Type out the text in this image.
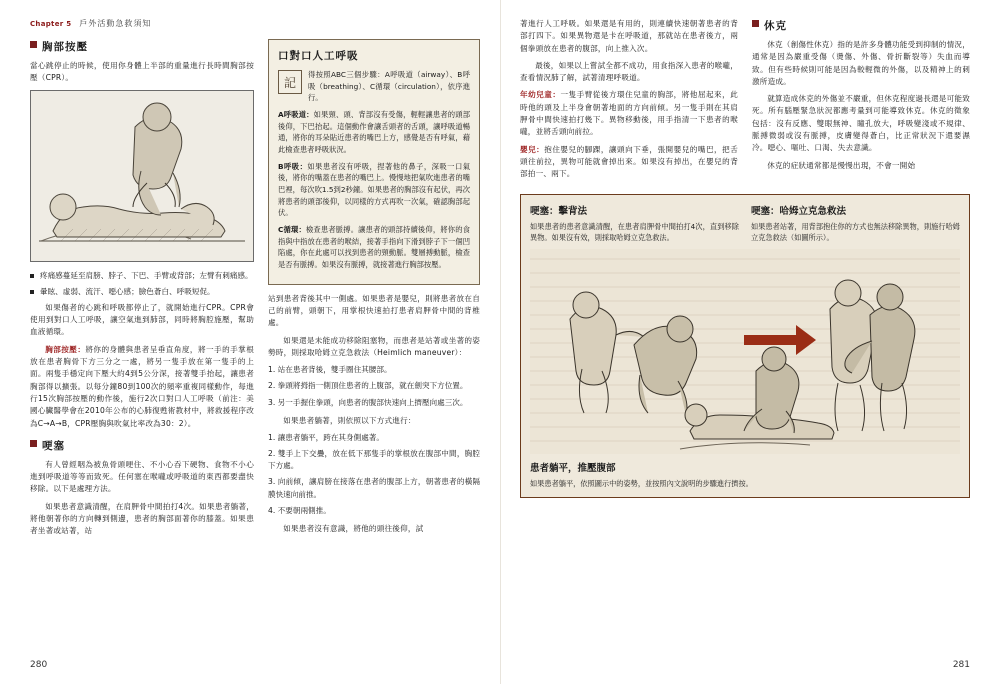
Chapter 5 戶外活動急救須知
胸部按壓

當心跳停止的時候，使用你身體上半部的重量進行長時間胸部按壓（CPR）。

疼痛感蔓延至肩膀、脖子、下巴、手臂或背部；左臂有刺痛感。

暈眩、虛弱、流汗、噁心感；臉色蒼白、呼吸短促。

如果傷者的心跳和呼吸都停止了，就開始進行CPR。CPR會使用到對口人工呼吸，讓空氣進到肺部，同時將胸腔施壓，幫助血液循環。

胸部按壓：將你的身體與患者呈垂直角度，將一手的手掌根放在患者胸骨下方三分之一處，將另一隻手放在第一隻手的上面。兩隻手穩定向下壓大約4到5公分深，接著雙手抬起，讓患者胸部得以擴張。以每分鐘80到100次的頻率重複同樣動作，每進行15次胸部按壓的動作後，施行2次口對口人工呼吸（前注：美國心臟醫學會在2010年公布的心肺復甦術教材中，將救援程序改為C→A→B，CPR壓胸與吹氣比率改為30：2）。

哽塞

有人曾經咽為被魚骨頭哽住、不小心吞下硬物、食物不小心進到呼吸道等等而致死。任何塞在喉嚨或呼吸道的東西都要盡快移除。以下是處理方法。

如果患者意識清醒，在肩胛骨中間拍打4次。如果患者躺著，將他朝著你的方向轉到側邊，患者的胸部面著你的膝蓋。如果患者坐著或站著，站

口對口人工呼吸
記

得按照ABC三個步驟：A呼吸道（airway）、B呼吸（breathing）、C循環（circulation），依序進行。

A呼吸道：如果頸、頭、背部沒有受傷，輕輕讓患者的頭部後仰，下巴抬起。這個動作會讓舌頭者的舌頭，讓呼吸道暢通，將你的耳朵貼近患者的嘴巴上方，感覺是否有呼氣，藉此檢查患者呼吸狀況。

B呼吸：如果患者沒有呼吸，捏著他的鼻子，深吸一口氣後，將你的嘴蓋在患者的嘴巴上。慢慢地把氣吹進患者的嘴巴裡，每次吹1.5到2秒鐘。如果患者的胸部沒有起伏，再次將患者的頭部後仰，以同樣的方式再吹一次氣，確認胸部起伏。

C循環：檢查患者脈搏。讓患者的頭部持續後仰，將你的食指與中指放在患者的喉結，接著手指向下滑到脖子下一個凹陷處，你在此處可以找到患者的頸動脈。雙層搏動脈，檢查是否有脈搏。如果沒有脈搏，就接著進行胸部按壓。

站到患者背後其中一側處。如果患者是嬰兒，則將患者放在自己的前臂，頭朝下，用掌根快速拍打患者肩胛骨中間的背椎處。

如果還是未能成功移除阻塞物，而患者是站著或坐著的姿勢時，則採取哈姆立克急救法（Heimlich maneuver）：

1. 站在患者背後，雙手圈住其腰部。

2. 拳頭將拇指一側頂住患者的上腹部，就在劍突下方位置。

3. 另一手握住拳頭，向患者的腹部快速向上擠壓向處三次。

如果患者躺著，則依照以下方式進行：

1. 讓患者躺平，跨在其身側處著。

2. 雙手上下交疊，放在低下那隻手的掌根放在腹部中間，胸腔下方處。

3. 向前傾，讓肩膀在接落在患者的腹部上方，朝著患者的橫隔膜快速向前推。

4. 不要朝兩側推。

如果患者沒有意識，將他的頭往後仰，試

280

著進行人工呼吸。如果還是有用的，則連續快速朝著患者的背部打四下。如果異物還是卡在呼吸道，那就站在患者後方，兩個拳頭放在患者的腹部，向上推入次。

最後，如果以上嘗試全都不成功，用食指深入患者的喉嚨，查看情況肺了解，試著清理呼吸道。

年幼兒童：一隻手臂從後方環住兒童的胸部，將他屈起來，此時他的頭及上半身會朝著地面的方向前傾。另一隻手則在其肩胛骨中間快速拍打幾下。異物移動後，用手指清一下患者的喉嚨，並將舌頭向前拉。

嬰兒：抱住嬰兒的腳踝，讓頭向下垂，張開嬰兒的嘴巴，把舌頭往前拉，異物可能就會掉出來。如果沒有掉出，在嬰兒的背部拍一、兩下。

休克

休克（創傷性休克）指的是許多身體功能受到抑制的情況，通常是因為嚴重受傷（燙傷、外傷、骨折斷裂等）失血而導致。但有些時候則可能是因為較輕微的外傷，以及精神上的刺激所造成。

就算造成休克的外傷並不嚴重，但休克程度過長還是可能致死。所有腦壓緊急狀況都應考量到可能導致休克。休克的徵象包括：沒有反應、雙眼無神、瞳孔放大，呼吸變淺或不規律、脈搏微弱或沒有脈搏，皮膚變得蒼白，比正常狀況下還要濕冷。噁心、嘔吐、口渴、失去意識。

休克的症狀通常都是慢慢出現，不會一開始

哽塞：擊背法

如果患者的患者意識清醒，在患者肩胛骨中間拍打4次，直到移除異物。如果沒有效，則採取哈姆立克急救法。

哽塞：哈姆立克急救法

如果患者站著，用背部抱住你的方式也無法移除異物，則施行哈姆立克急救法（如圖所示）。

患者躺平，推壓腹部

如果患者躺平，依照圖示中的姿勢，並按照內文說明的步驟進行擠按。

281
